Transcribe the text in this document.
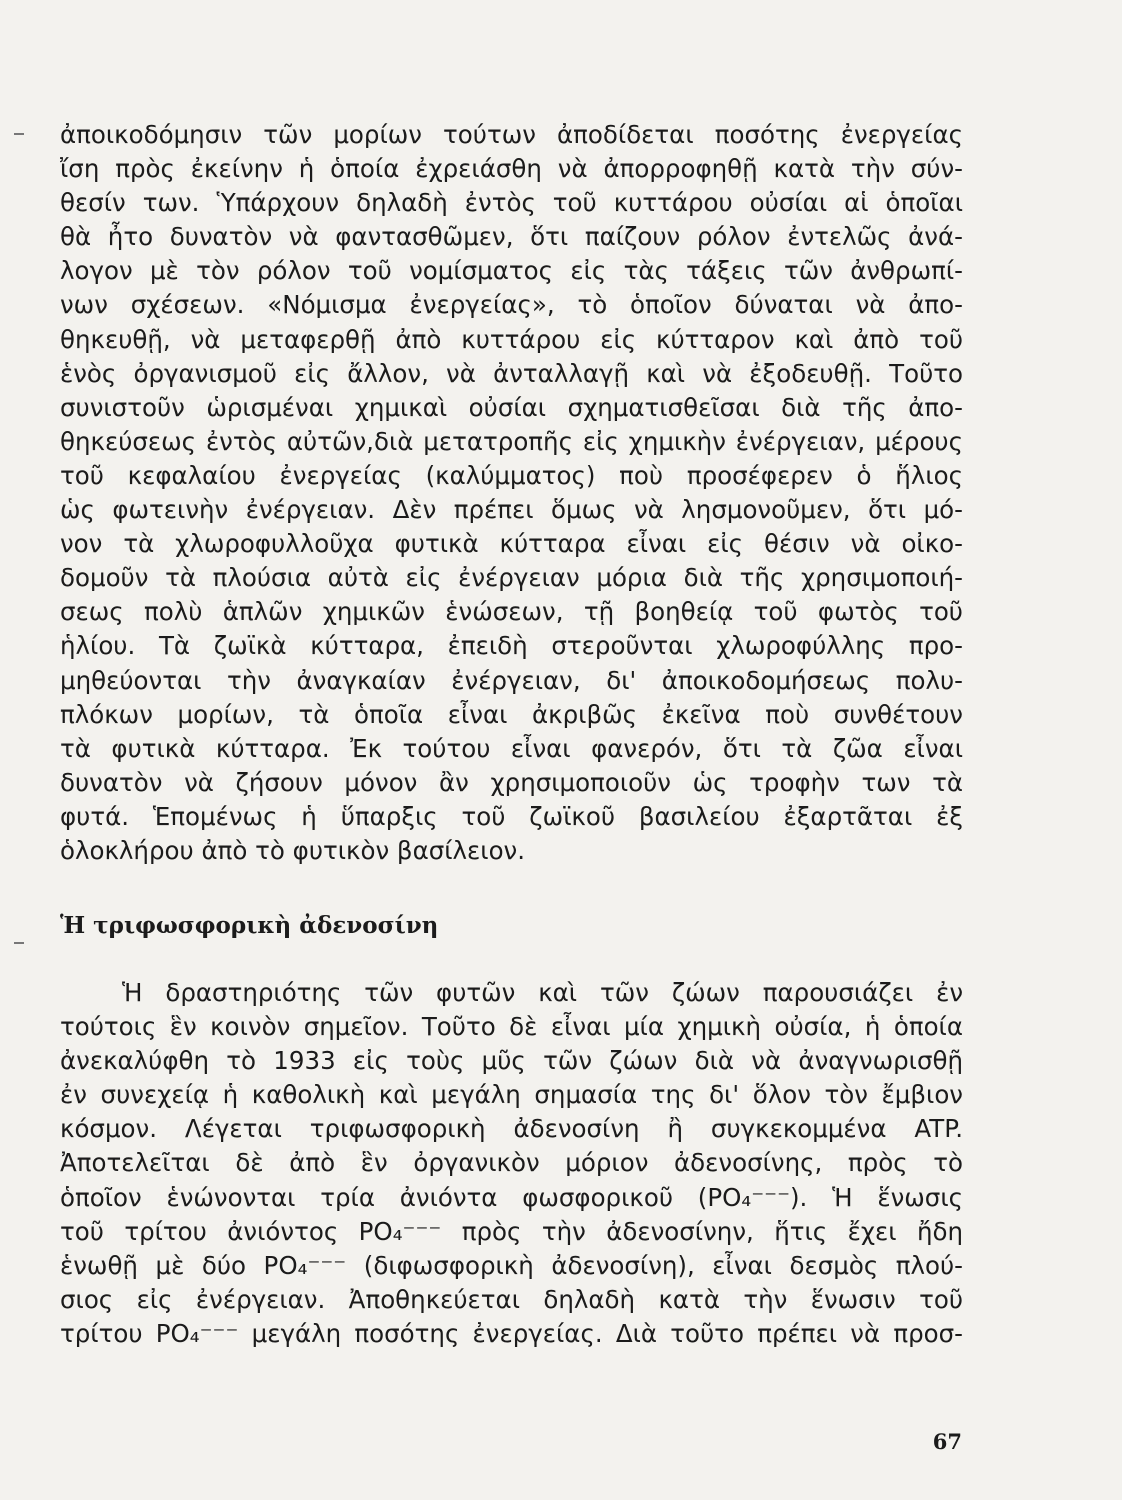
ἀποικοδόμησιν τῶν μορίων τούτων ἀποδίδεται ποσότης ἐνεργείας
ἴση πρὸς ἐκείνην ἡ ὁποία ἐχρειάσθη νὰ ἀπορροφηθῇ κατὰ τὴν σύν-
θεσίν των. Ὑπάρχουν δηλαδὴ ἐντὸς τοῦ κυττάρου οὐσίαι αἱ ὁποῖαι
θὰ ἦτο δυνατὸν νὰ φαντασθῶμεν, ὅτι παίζουν ρόλον ἐντελῶς ἀνά-
λογον μὲ τὸν ρόλον τοῦ νομίσματος εἰς τὰς τάξεις τῶν ἀνθρωπί-
νων σχέσεων. «Νόμισμα ἐνεργείας», τὸ ὁποῖον δύναται νὰ ἀπο-
θηκευθῇ, νὰ μεταφερθῇ ἀπὸ κυττάρου εἰς κύτταρον καὶ ἀπὸ τοῦ
ἑνὸς ὀργανισμοῦ εἰς ἄλλον, νὰ ἀνταλλαγῇ καὶ νὰ ἐξοδευθῇ. Τοῦτο
συνιστοῦν ὡρισμέναι χημικαὶ οὐσίαι σχηματισθεῖσαι διὰ τῆς ἀπο-
θηκεύσεως ἐντὸς αὐτῶν,διὰ μετατροπῆς εἰς χημικὴν ἐνέργειαν, μέρους
τοῦ κεφαλαίου ἐνεργείας (καλύμματος) ποὺ προσέφερεν ὁ ἥλιος
ὡς φωτεινὴν ἐνέργειαν. Δὲν πρέπει ὅμως νὰ λησμονοῦμεν, ὅτι μό-
νον τὰ χλωροφυλλοῦχα φυτικὰ κύτταρα εἶναι εἰς θέσιν νὰ οἰκο-
δομοῦν τὰ πλούσια αὐτὰ εἰς ἐνέργειαν μόρια διὰ τῆς χρησιμοποιή-
σεως πολὺ ἁπλῶν χημικῶν ἑνώσεων, τῇ βοηθείᾳ τοῦ φωτὸς τοῦ
ἡλίου. Τὰ ζωϊκὰ κύτταρα, ἐπειδὴ στεροῦνται χλωροφύλλης προ-
μηθεύονται τὴν ἀναγκαίαν ἐνέργειαν, δι' ἀποικοδομήσεως πολυ-
πλόκων μορίων, τὰ ὁποῖα εἶναι ἀκριβῶς ἐκεῖνα ποὺ συνθέτουν
τὰ φυτικὰ κύτταρα. Ἐκ τούτου εἶναι φανερόν, ὅτι τὰ ζῶα εἶναι
δυνατὸν νὰ ζήσουν μόνον ἂν χρησιμοποιοῦν ὡς τροφὴν των τὰ
φυτά. Ἑπομένως ἡ ὕπαρξις τοῦ ζωϊκοῦ βασιλείου ἐξαρτᾶται ἐξ
ὁλοκλήρου ἀπὸ τὸ φυτικὸν βασίλειον.
Ἡ τριφωσφορικὴ ἀδενοσίνη
Ἡ δραστηριότης τῶν φυτῶν καὶ τῶν ζώων παρουσιάζει ἐν
τούτοις ἓν κοινὸν σημεῖον. Τοῦτο δὲ εἶναι μία χημικὴ οὐσία, ἡ ὁποία
ἀνεκαλύφθη τὸ 1933 εἰς τοὺς μῦς τῶν ζώων διὰ νὰ ἀναγνωρισθῇ
ἐν συνεχείᾳ ἡ καθολικὴ καὶ μεγάλη σημασία της δι' ὅλον τὸν ἔμβιον
κόσμον. Λέγεται τριφωσφορικὴ ἀδενοσίνη ἢ συγκεκομμένα ATP.
Ἀποτελεῖται δὲ ἀπὸ ἓν ὀργανικὸν μόριον ἀδενοσίνης, πρὸς τὸ
ὁποῖον ἑνώνονται τρία ἀνιόντα φωσφορικοῦ (PO₄⁻⁻⁻). Ἡ ἕνωσις
τοῦ τρίτου ἀνιόντος PO₄⁻⁻⁻ πρὸς τὴν ἀδενοσίνην, ἥτις ἔχει ἤδη
ἑνωθῇ μὲ δύο PO₄⁻⁻⁻ (διφωσφορικὴ ἀδενοσίνη), εἶναι δεσμὸς πλού-
σιος εἰς ἐνέργειαν. Ἀποθηκεύεται δηλαδὴ κατὰ τὴν ἕνωσιν τοῦ
τρίτου PO₄⁻⁻⁻ μεγάλη ποσότης ἐνεργείας. Διὰ τοῦτο πρέπει νὰ προσ-
67
